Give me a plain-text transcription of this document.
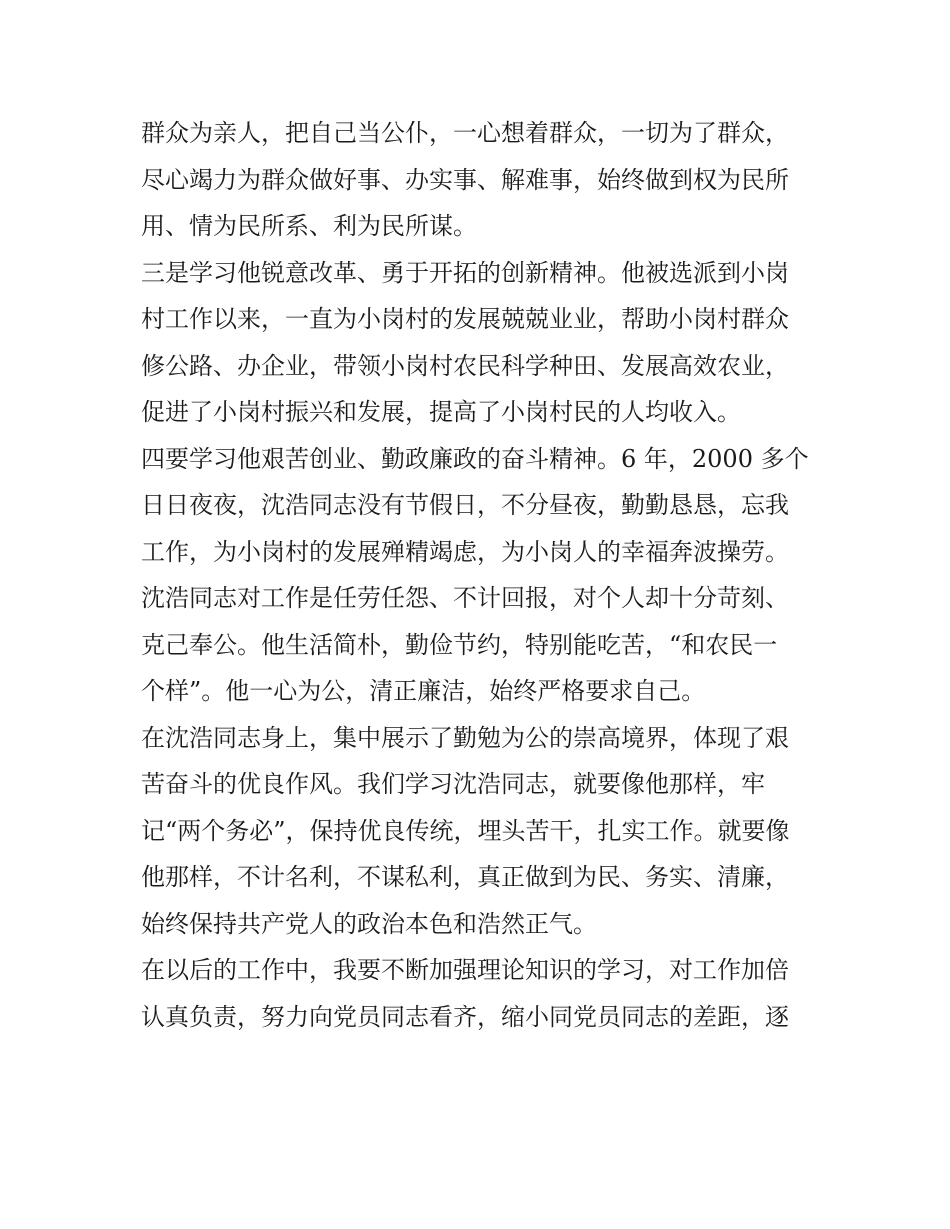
群众为亲人，把自己当公仆，一心想着群众，一切为了群众，
尽心竭力为群众做好事、办实事、解难事，始终做到权为民所
用、情为民所系、利为民所谋。
三是学习他锐意改革、勇于开拓的创新精神。他被选派到小岗
村工作以来，一直为小岗村的发展兢兢业业，帮助小岗村群众
修公路、办企业，带领小岗村农民科学种田、发展高效农业，
促进了小岗村振兴和发展，提高了小岗村民的人均收入。
四要学习他艰苦创业、勤政廉政的奋斗精神。6 年，2000 多个
日日夜夜，沈浩同志没有节假日，不分昼夜，勤勤恳恳，忘我
工作，为小岗村的发展殚精竭虑，为小岗人的幸福奔波操劳。
沈浩同志对工作是任劳任怨、不计回报，对个人却十分苛刻、
克己奉公。他生活简朴，勤俭节约，特别能吃苦，“和农民一
个样”。他一心为公，清正廉洁，始终严格要求自己。
在沈浩同志身上，集中展示了勤勉为公的崇高境界，体现了艰
苦奋斗的优良作风。我们学习沈浩同志，就要像他那样，牢
记“两个务必”，保持优良传统，埋头苦干，扎实工作。就要像
他那样，不计名利，不谋私利，真正做到为民、务实、清廉，
始终保持共产党人的政治本色和浩然正气。
在以后的工作中，我要不断加强理论知识的学习，对工作加倍
认真负责，努力向党员同志看齐，缩小同党员同志的差距，逐
